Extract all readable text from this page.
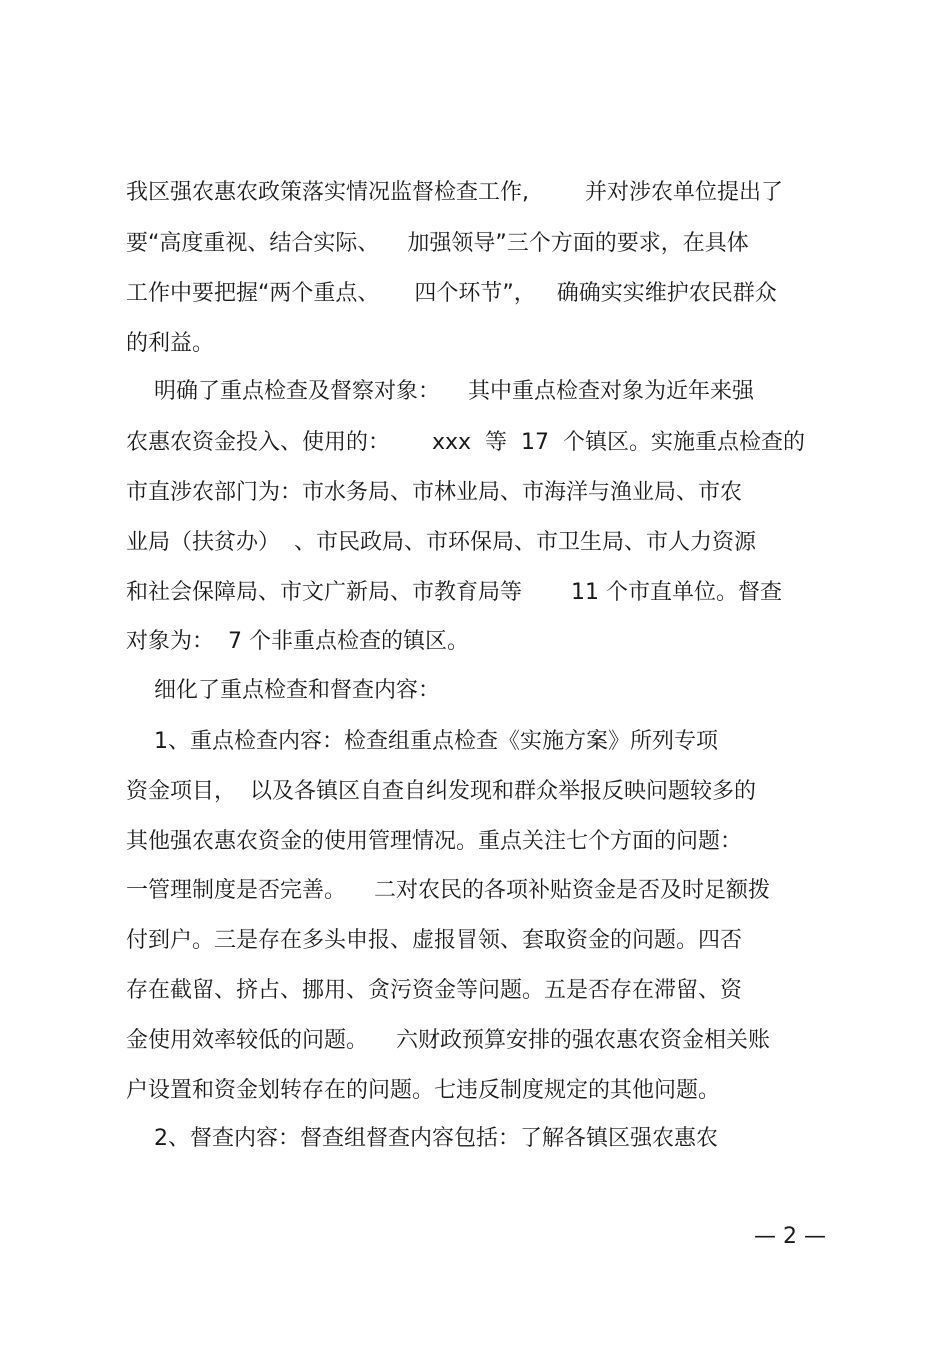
我区强农惠农政策落实情况监督检查工作,        并对涉农单位提出了
要“高度重视、结合实际、    加强领导”三个方面的要求，在具体
工作中要把握“两个重点、     四个环节”，   确确实实维护农民群众
的利益。
明确了重点检查及督察对象：    其中重点检查对象为近年来强
农惠农资金投入、使用的：      xxx  等  17  个镇区。实施重点检查的
市直涉农部门为：市水务局、市林业局、市海洋与渔业局、市农
业局（扶贫办）  、市民政局、市环保局、市卫生局、市人力资源
和社会保障局、市文广新局、市教育局等       11 个市直单位。督查
对象为：  7 个非重点检查的镇区。
细化了重点检查和督查内容：
1、重点检查内容：检查组重点检查《实施方案》所列专项
资金项目，  以及各镇区自查自纠发现和群众举报反映问题较多的
其他强农惠农资金的使用管理情况。重点关注七个方面的问题：
一管理制度是否完善。    二对农民的各项补贴资金是否及时足额拨
付到户。三是存在多头申报、虚报冒领、套取资金的问题。四否
存在截留、挤占、挪用、贪污资金等问题。五是否存在滞留、资
金使用效率较低的问题。    六财政预算安排的强农惠农资金相关账
户设置和资金划转存在的问题。七违反制度规定的其他问题。
2、督查内容：督查组督查内容包括：了解各镇区强农惠农
— 2 —
